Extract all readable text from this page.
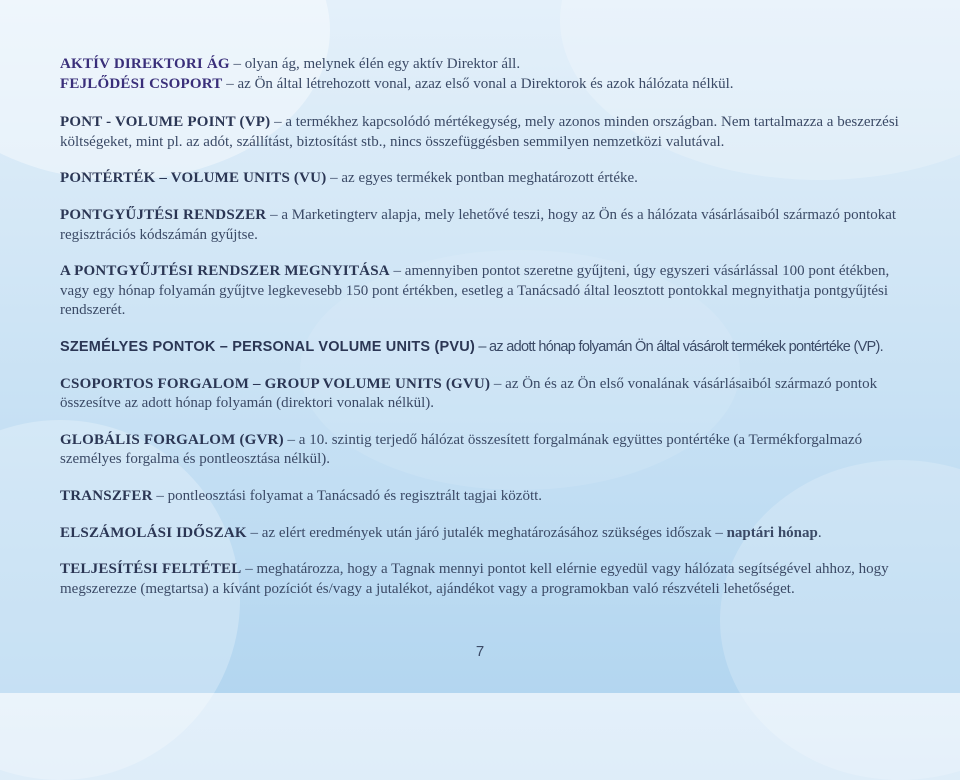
AKTÍV DIREKTORI ÁG – olyan ág, melynek élén egy aktív Direktor áll.

FEJLŐDÉSI CSOPORT – az Ön által létrehozott vonal, azaz első vonal a Direktorok és azok hálózata nélkül.

PONT - VOLUME POINT (VP) – a termékhez kapcsolódó mértékegység, mely azonos minden országban. Nem tartalmazza a beszerzési költségeket, mint pl. az adót, szállítást, biztosítást stb., nincs összefüggésben semmilyen nemzetközi valutával.

PONTÉRTÉK – VOLUME UNITS (VU) – az egyes termékek pontban meghatározott értéke.

PONTGYŰJTÉSI RENDSZER – a Marketingterv alapja, mely lehetővé teszi, hogy az Ön és a hálózata vásárlásaiból származó pontokat regisztrációs kódszámán gyűjtse.

A PONTGYŰJTÉSI RENDSZER MEGNYITÁSA – amennyiben pontot szeretne gyűjteni, úgy egyszeri vásárlással 100 pont étékben, vagy egy hónap folyamán gyűjtve legkevesebb 150 pont értékben, esetleg a Tanácsadó által leosztott pontokkal megnyithatja pontgyűjtési rendszerét.

SZEMÉLYES PONTOK – PERSONAL VOLUME UNITS (PVU) – az adott hónap folyamán Ön által vásárolt termékek pontértéke (VP).

CSOPORTOS FORGALOM – GROUP VOLUME UNITS (GVU) – az Ön és az Ön első vonalának vásárlásaiból származó pontok összesítve az adott hónap folyamán (direktori vonalak nélkül).

GLOBÁLIS FORGALOM (GVR) – a 10. szintig terjedő hálózat összesített forgalmának együttes pontértéke (a Termékforgalmazó személyes forgalma és pontleosztása nélkül).

TRANSZFER – pontleosztási folyamat a Tanácsadó és regisztrált tagjai között.

ELSZÁMOLÁSI IDŐSZAK – az elért eredmények után járó jutalék meghatározásához szükséges időszak – naptári hónap.

TELJESÍTÉSI FELTÉTEL – meghatározza, hogy a Tagnak mennyi pontot kell elérnie egyedül vagy hálózata segítségével ahhoz, hogy megszerezze (megtartsa) a kívánt pozíciót és/vagy a jutalékot, ajándékot vagy a programokban való részvételi lehetőséget.

7
